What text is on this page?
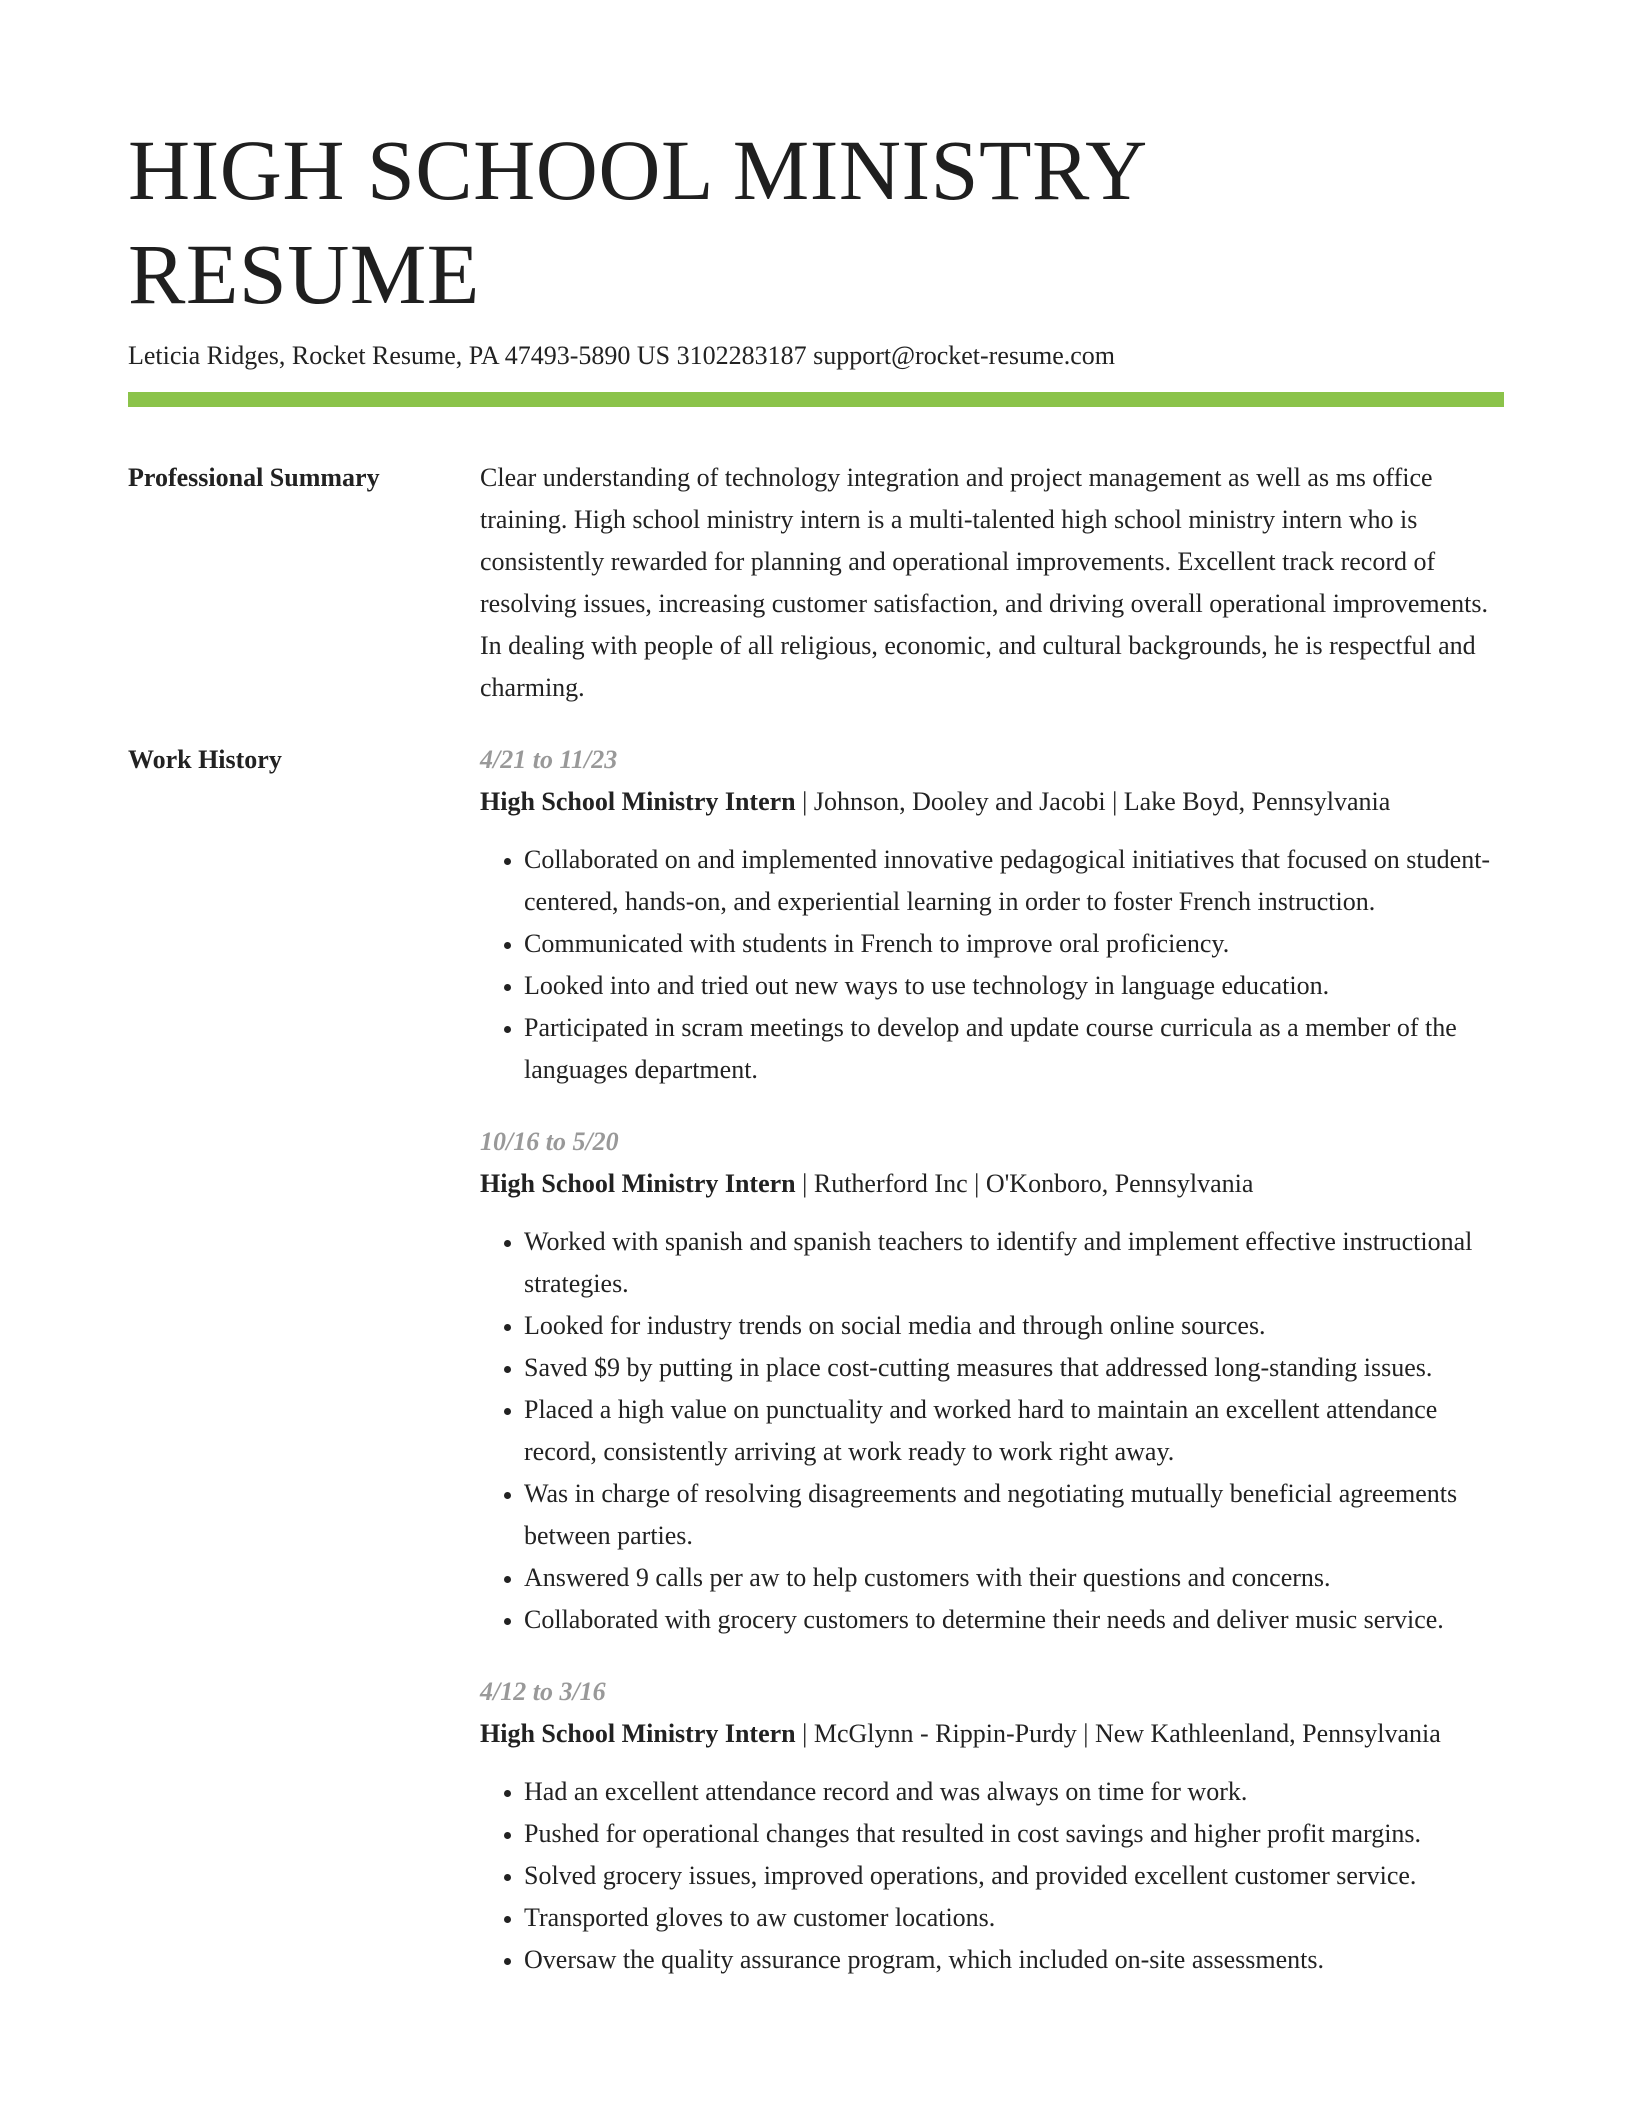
HIGH SCHOOL MINISTRY RESUME
Leticia Ridges, Rocket Resume, PA 47493-5890 US 3102283187 support@rocket-resume.com
Professional Summary	Clear understanding of technology integration and project management as well as ms office training. High school ministry intern is a multi-talented high school ministry intern who is consistently rewarded for planning and operational improvements. Excellent track record of resolving issues, increasing customer satisfaction, and driving overall operational improvements. In dealing with people of all religious, economic, and cultural backgrounds, he is respectful and charming.
Work History	4/21 to 11/23
High School Ministry Intern | Johnson, Dooley and Jacobi | Lake Boyd, Pennsylvania
• Collaborated on and implemented innovative pedagogical initiatives that focused on student-centered, hands-on, and experiential learning in order to foster French instruction.
• Communicated with students in French to improve oral proficiency.
• Looked into and tried out new ways to use technology in language education.
• Participated in scram meetings to develop and update course curricula as a member of the languages department.
10/16 to 5/20
High School Ministry Intern | Rutherford Inc | O'Konboro, Pennsylvania
• Worked with spanish and spanish teachers to identify and implement effective instructional strategies.
• Looked for industry trends on social media and through online sources.
• Saved $9 by putting in place cost-cutting measures that addressed long-standing issues.
• Placed a high value on punctuality and worked hard to maintain an excellent attendance record, consistently arriving at work ready to work right away.
• Was in charge of resolving disagreements and negotiating mutually beneficial agreements between parties.
• Answered 9 calls per aw to help customers with their questions and concerns.
• Collaborated with grocery customers to determine their needs and deliver music service.
4/12 to 3/16
High School Ministry Intern | McGlynn - Rippin-Purdy | New Kathleenland, Pennsylvania
• Had an excellent attendance record and was always on time for work.
• Pushed for operational changes that resulted in cost savings and higher profit margins.
• Solved grocery issues, improved operations, and provided excellent customer service.
• Transported gloves to aw customer locations.
• Oversaw the quality assurance program, which included on-site assessments.
